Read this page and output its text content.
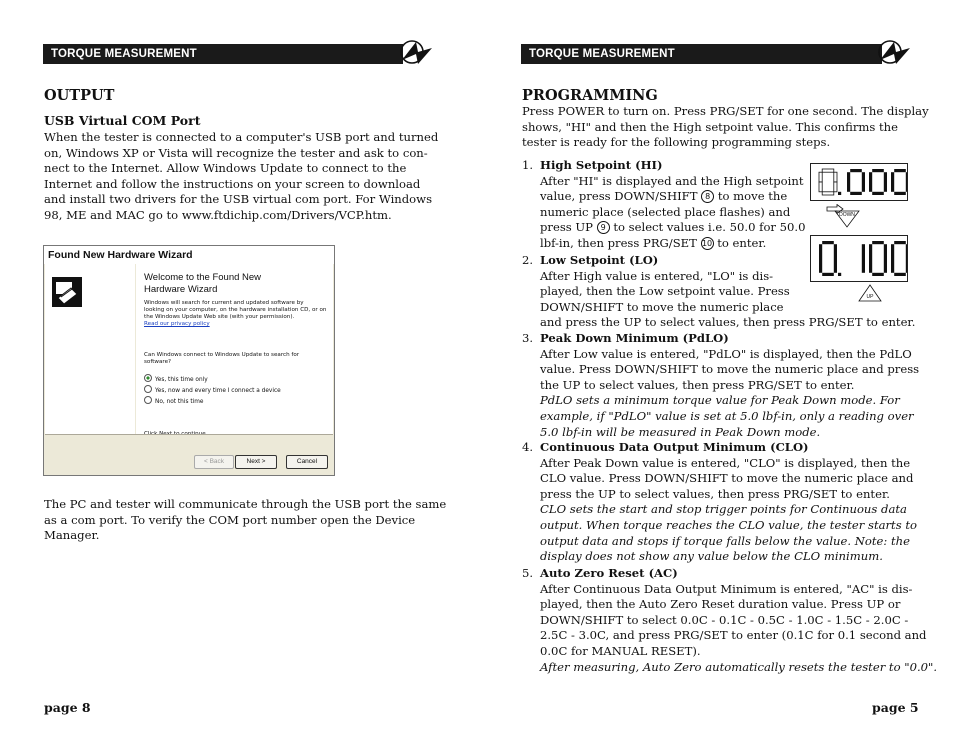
TORQUE MEASUREMENT
OUTPUT
USB Virtual COM Port
When the tester is connected to a computer's USB port and turned
on, Windows XP or Vista will recognize the tester and ask to con-
nect to the Internet. Allow Windows Update to connect to the
Internet and follow the instructions on your screen to download
and install two drivers for the USB virtual com port. For Windows
98, ME and MAC go to www.ftdichip.com/Drivers/VCP.htm.
Found New Hardware Wizard
Welcome to the Found New
Hardware Wizard
Windows will search for current and updated software by
looking on your computer, on the hardware installation CD, or on
the Windows Update Web site (with your permission).
Read our privacy policy
Can Windows connect to Windows Update to search for
software?
Yes, this time only
Yes, now and every time I connect a device
No, not this time
< Back	Next >	Cancel
The PC and tester will communicate through the USB port the same
as a com port. To verify the COM port number open the Device
Manager.
page 8
TORQUE MEASUREMENT
PROGRAMMING
Press POWER to turn on. Press PRG/SET for one second. The display
shows, "HI" and then the High setpoint value. This confirms the
tester is ready for the following programming steps.
1. High Setpoint (HI)
After "HI" is displayed and the High setpoint
value, press DOWN/SHIFT 8 to move the
numeric place (selected place flashes) and
press UP 9 to select values i.e. 50.0 for 50.0
lbf-in, then press PRG/SET 10 to enter.
2. Low Setpoint (LO)
After High value is entered, "LO" is dis-
played, then the Low setpoint value. Press
DOWN/SHIFT to move the numeric place
and press the UP to select values, then press PRG/SET to enter.
3. Peak Down Minimum (PdLO)
After Low value is entered, "PdLO" is displayed, then the PdLO
value. Press DOWN/SHIFT to move the numeric place and press
the UP to select values, then press PRG/SET to enter.
PdLO sets a minimum torque value for Peak Down mode. For
example, if "PdLO" value is set at 5.0 lbf-in, only a reading over
5.0 lbf-in will be measured in Peak Down mode.
4. Continuous Data Output Minimum (CLO)
After Peak Down value is entered, "CLO" is displayed, then the
CLO value. Press DOWN/SHIFT to move the numeric place and
press the UP to select values, then press PRG/SET to enter.
CLO sets the start and stop trigger points for Continuous data
output. When torque reaches the CLO value, the tester starts to
output data and stops if torque falls below the value. Note: the
display does not show any value below the CLO minimum.
5. Auto Zero Reset (AC)
After Continuous Data Output Minimum is entered, "AC" is dis-
played, then the Auto Zero Reset duration value. Press UP or
DOWN/SHIFT to select 0.0C - 0.1C - 0.5C - 1.0C - 1.5C - 2.0C -
2.5C - 3.0C, and press PRG/SET to enter (0.1C for 0.1 second and
0.0C for MANUAL RESET).
After measuring, Auto Zero automatically resets the tester to "0.0".
DOWN
UP
page 5
